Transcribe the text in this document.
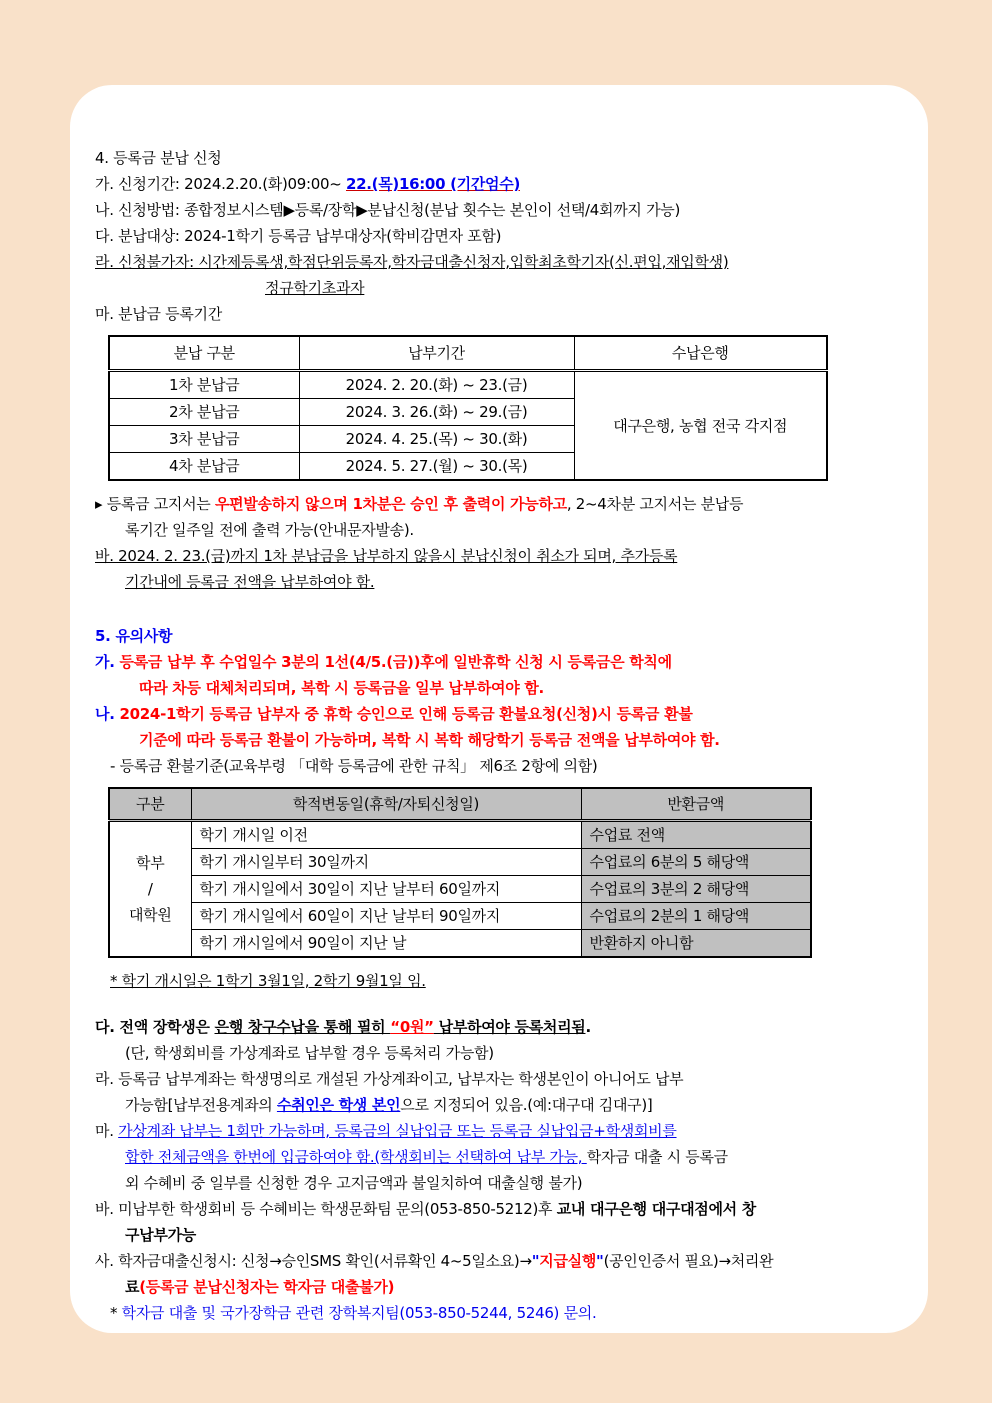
4. 등록금 분납 신청
가. 신청기간: 2024.2.20.(화)09:00~ 22.(목)16:00 (기간엄수)
나. 신청방법: 종합정보시스템▶등록/장학▶분납신청(분납 횟수는 본인이 선택/4회까지 가능)
다. 분납대상: 2024-1학기 등록금 납부대상자(학비감면자 포함)
라. 신청불가자: 시간제등록생,학점단위등록자,학자금대출신청자,입학최초학기자(신.편입,재입학생)
정규학기초과자
마. 분납금 등록기간
분납 구분	납부기간	수납은행
1차 분납금	2024. 2. 20.(화) ~ 23.(금)	대구은행, 농협 전국 각지점
2차 분납금	2024. 3. 26.(화) ~ 29.(금)	
3차 분납금	2024. 4. 25.(목) ~ 30.(화)	
4차 분납금	2024. 5. 27.(월) ~ 30.(목)	
▸ 등록금 고지서는 우편발송하지 않으며 1차분은 승인 후 출력이 가능하고, 2~4차분 고지서는 분납등
록기간 일주일 전에 출력 가능(안내문자발송).
바. 2024. 2. 23.(금)까지 1차 분납금을 납부하지 않을시 분납신청이 취소가 되며, 추가등록
기간내에 등록금 전액을 납부하여야 함.
5. 유의사항
가. 등록금 납부 후 수업일수 3분의 1선(4/5.(금))후에 일반휴학 신청 시 등록금은 학칙에
따라 차등 대체처리되며, 복학 시 등록금을 일부 납부하여야 함.
나. 2024-1학기 등록금 납부자 중 휴학 승인으로 인해 등록금 환불요청(신청)시 등록금 환불
기준에 따라 등록금 환불이 가능하며, 복학 시 복학 해당학기 등록금 전액을 납부하여야 함.
- 등록금 환불기준(교육부령 「대학 등록금에 관한 규칙」 제6조 2항에 의함)
구분	학적변동일(휴학/자퇴신청일)	반환금액

학부
/
대학원	학기 개시일 이전	수업료 전액
	학기 개시일부터 30일까지	수업료의 6분의 5 해당액
	학기 개시일에서 30일이 지난 날부터 60일까지	수업료의 3분의 2 해당액
	학기 개시일에서 60일이 지난 날부터 90일까지	수업료의 2분의 1 해당액
	학기 개시일에서 90일이 지난 날	반환하지 아니함
* 학기 개시일은 1학기 3월1일, 2학기 9월1일 임.
다. 전액 장학생은 은행 창구수납을 통해 필히 “0원” 납부하여야 등록처리됨.
(단, 학생회비를 가상계좌로 납부할 경우 등록처리 가능함)
라. 등록금 납부계좌는 학생명의로 개설된 가상계좌이고, 납부자는 학생본인이 아니어도 납부
가능함[납부전용계좌의 수취인은 학생 본인으로 지정되어 있음.(예:대구대 김대구)]
마. 가상계좌 납부는 1회만 가능하며, 등록금의 실납입금 또는 등록금 실납입금+학생회비를
합한 전체금액을 한번에 입금하여야 함.(학생회비는 선택하여 납부 가능, 학자금 대출 시 등록금
외 수혜비 중 일부를 신청한 경우 고지금액과 불일치하여 대출실행 불가)
바. 미납부한 학생회비 등 수혜비는 학생문화팀 문의(053-850-5212)후 교내 대구은행 대구대점에서 창
구납부가능
사. 학자금대출신청시: 신청→승인SMS 확인(서류확인 4~5일소요)→"지급실행"(공인인증서 필요)→처리완
료(등록금 분납신청자는 학자금 대출불가)
* 학자금 대출 및 국가장학금 관련 장학복지팀(053-850-5244, 5246) 문의.
